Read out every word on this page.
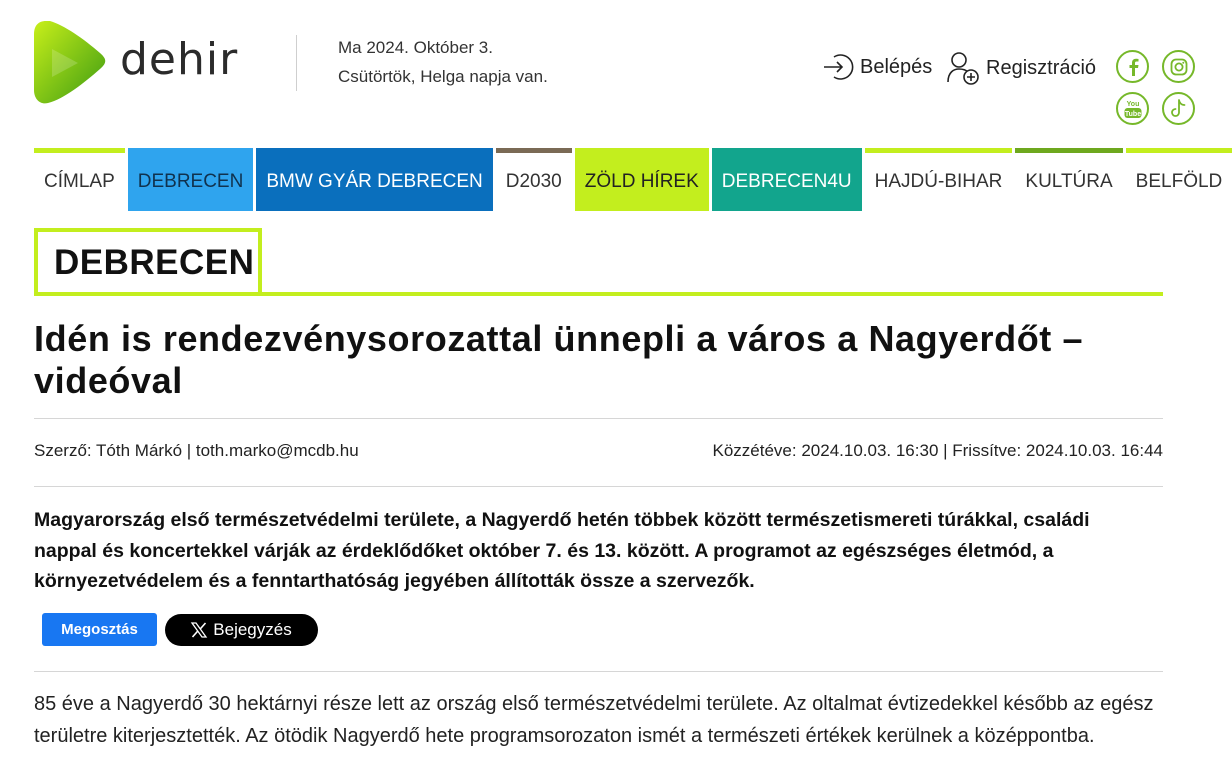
dehir	Ma 2024. Október 3.
Csütörtök, Helga napja van.	Belépés	Regisztráció
You
Tube
CÍMLAP	DEBRECEN	BMW GYÁR DEBRECEN	D2030	ZÖLD HÍREK	DEBRECEN4U	HAJDÚ-BIHAR	KULTÚRA	BELFÖLD
DEBRECEN
Idén is rendezvénysorozattal ünnepli a város a Nagyerdőt – videóval
Szerző: Tóth Márkó | toth.marko@mcdb.hu	Közzétéve: 2024.10.03. 16:30 | Frissítve: 2024.10.03. 16:44
Magyarország első természetvédelmi területe, a Nagyerdő hetén többek között természetismereti túrákkal, családi nappal és koncertekkel várják az érdeklődőket október 7. és 13. között. A programot az egészséges életmód, a környezetvédelem és a fenntarthatóság jegyében állították össze a szervezők.
Megosztás	Bejegyzés
85 éve a Nagyerdő 30 hektárnyi része lett az ország első természetvédelmi területe. Az oltalmat évtizedekkel később az egész területre kiterjesztették. Az ötödik Nagyerdő hete programsorozaton ismét a természeti értékek kerülnek a középpontba.
